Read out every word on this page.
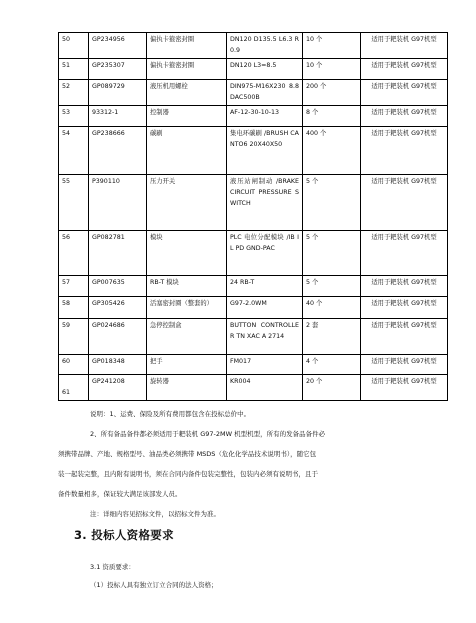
50	GP234956	偏执卡箍密封圈	DN120 D135.5 L6.3 R0.9	10 个	适用于耙装机 G97机型
51	GP235307	偏执卡箍密封圈	DN120 L3=8.5	10 个	适用于耙装机 G97机型
52	GP089729	液压机用螺栓	DIN975-M16X230 8.8 DAC500B	200 个	适用于耙装机 G97机型
53	93312-1	控制器	AF-12-30-10-13	8 个	适用于耙装机 G97机型
54	GP238666	碳刷	集电环碳刷 /BRUSH CANTO6 20X40X50	400 个	适用于耙装机 G97机型
55	P390110	压力开关	液压站闸制动 /BRAKE CIRCUIT PRESSURE SWITCH	5 个	适用于耙装机 G97机型
56	GP082781	模块	PLC 电位分配模块 /IB IL PD GND-PAC	5 个	适用于耙装机 G97机型
57	GP007635	RB-T 模块	24 RB-T	5 个	适用于耙装机 G97机型
58	GP305426	活塞密封圈（整套的）	G97-2.0WM	40 个	适用于耙装机 G97机型
59	GP024686	急停控制盒	BUTTON CONTROLLER TN XAC A 2714	2 套	适用于耙装机 G97机型
60	GP018348	把手	FM017	4 个	适用于耙装机 G97机型
61	GP241208	旋转器	KR004	20 个	适用于耙装机 G97机型

说明：1、运费、保险及所有费用都包含在投标总价中。

2、所有备品备件都必须适用于耙装机 G97-2MW 机型机型，所有的发备品备件必

须携带品牌、产地、规格型号、油品类必须携带 MSDS（危化化学品技术说明书），随它包

装一起装完整，且内附有说明书，须在合同内备件包装完整性，包装内必须有说明书，且于

备件数量相多，保证较大满足该部发人员。

注：详细内容见招标文件，以招标文件为准。

3. 投标人资格要求
3.1 资质要求：
（1）投标人具有独立订立合同的法人资格；
